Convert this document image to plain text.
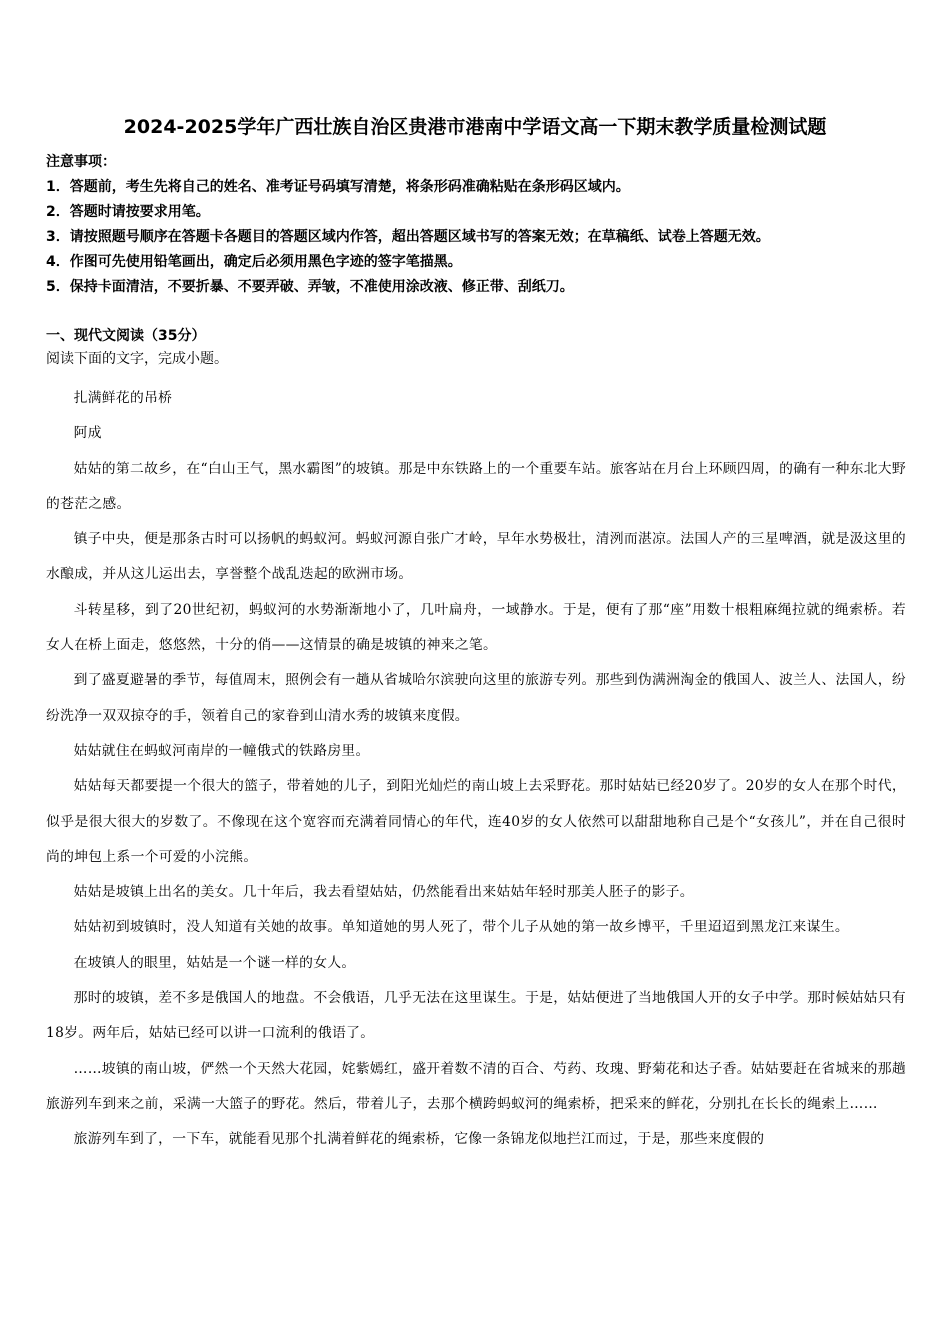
2024-2025学年广西壮族自治区贵港市港南中学语文高一下期末教学质量检测试题
注意事项：
1．答题前，考生先将自己的姓名、准考证号码填写清楚，将条形码准确粘贴在条形码区域内。
2．答题时请按要求用笔。
3．请按照题号顺序在答题卡各题目的答题区域内作答，超出答题区域书写的答案无效；在草稿纸、试卷上答题无效。
4．作图可先使用铅笔画出，确定后必须用黑色字迹的签字笔描黑。
5．保持卡面清洁，不要折暴、不要弄破、弄皱，不准使用涂改液、修正带、刮纸刀。
一、现代文阅读（35分）
阅读下面的文字，完成小题。

扎满鲜花的吊桥

阿成

姑姑的第二故乡，在“白山王气，黑水霸图”的坡镇。那是中东铁路上的一个重要车站。旅客站在月台上环顾四周，的确有一种东北大野的苍茫之感。

镇子中央，便是那条古时可以扬帆的蚂蚁河。蚂蚁河源自张广才岭，早年水势极壮，清洌而湛凉。法国人产的三星啤酒，就是汲这里的水酿成，并从这儿运出去，享誉整个战乱迭起的欧洲市场。

斗转星移，到了20世纪初，蚂蚁河的水势渐渐地小了，几叶扁舟，一域静水。于是，便有了那“座”用数十根粗麻绳拉就的绳索桥。若女人在桥上面走，悠悠然，十分的俏——这情景的确是坡镇的神来之笔。

到了盛夏避暑的季节，每值周末，照例会有一趟从省城哈尔滨驶向这里的旅游专列。那些到伪满洲淘金的俄国人、波兰人、法国人，纷纷洗净一双双掠夺的手，领着自己的家眷到山清水秀的坡镇来度假。

姑姑就住在蚂蚁河南岸的一幢俄式的铁路房里。

姑姑每天都要提一个很大的篮子，带着她的儿子，到阳光灿烂的南山坡上去采野花。那时姑姑已经20岁了。20岁的女人在那个时代，似乎是很大很大的岁数了。不像现在这个宽容而充满着同情心的年代，连40岁的女人依然可以甜甜地称自己是个“女孩儿”，并在自己很时尚的坤包上系一个可爱的小浣熊。

姑姑是坡镇上出名的美女。几十年后，我去看望姑姑，仍然能看出来姑姑年轻时那美人胚子的影子。

姑姑初到坡镇时，没人知道有关她的故事。单知道她的男人死了，带个儿子从她的第一故乡博平，千里迢迢到黑龙江来谋生。

在坡镇人的眼里，姑姑是一个谜一样的女人。

那时的坡镇，差不多是俄国人的地盘。不会俄语，几乎无法在这里谋生。于是，姑姑便进了当地俄国人开的女子中学。那时候姑姑只有18岁。两年后，姑姑已经可以讲一口流利的俄语了。

……坡镇的南山坡，俨然一个天然大花园，姹紫嫣红，盛开着数不清的百合、芍药、玫瑰、野菊花和达子香。姑姑要赶在省城来的那趟旅游列车到来之前，采满一大篮子的野花。然后，带着儿子，去那个横跨蚂蚁河的绳索桥，把采来的鲜花，分别扎在长长的绳索上……

旅游列车到了，一下车，就能看见那个扎满着鲜花的绳索桥，它像一条锦龙似地拦江而过，于是，那些来度假的
